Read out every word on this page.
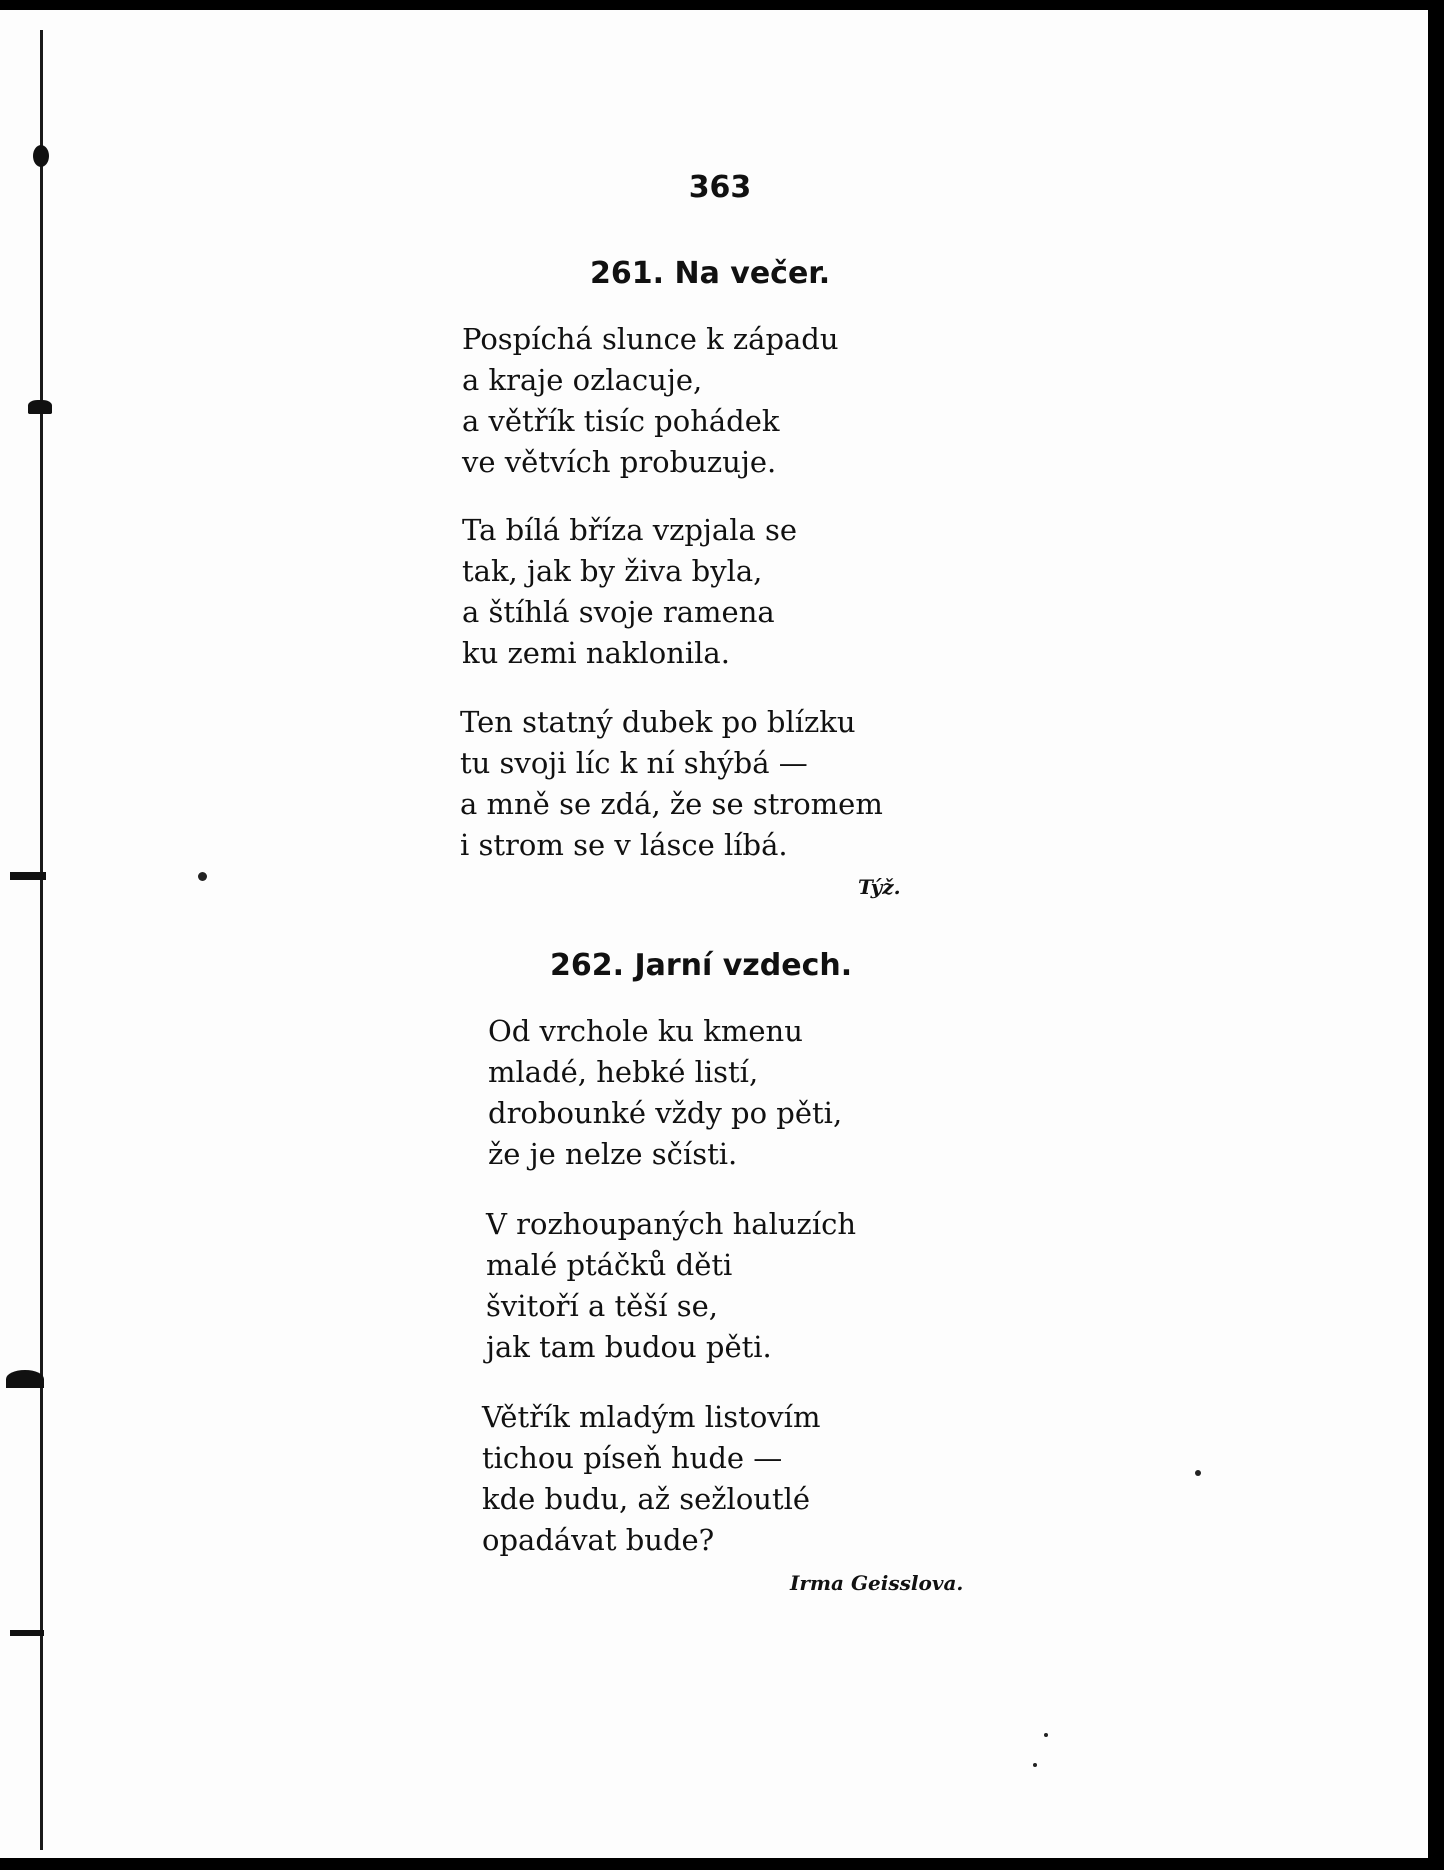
363
261. Na večer.
Pospíchá slunce k západu
a kraje ozlacuje,
a větřík tisíc pohádek
ve větvích probuzuje.
Ta bílá bříza vzpjala se
tak, jak by živa byla,
a štíhlá svoje ramena
ku zemi naklonila.
Ten statný dubek po blízku
tu svoji líc k ní shýbá —
a mně se zdá, že se stromem
i strom se v lásce líbá.
Týž.
262. Jarní vzdech.
Od vrchole ku kmenu
mladé, hebké listí,
drobounké vždy po pěti,
že je nelze sčísti.
V rozhoupaných haluzích
malé ptáčků děti
švitoří a těší se,
jak tam budou pěti.
Větřík mladým listovím
tichou píseň hude —
kde budu, až sežloutlé
opadávat bude?
Irma Geisslova.
